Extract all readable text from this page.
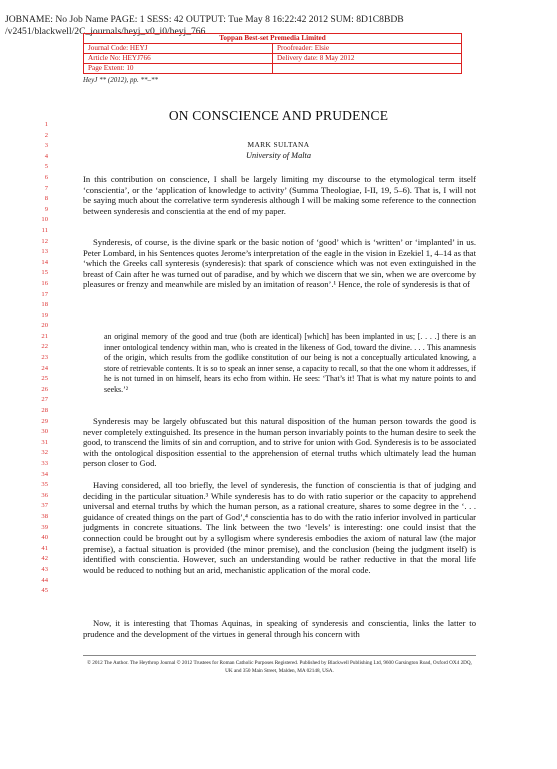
JOBNAME: No Job Name PAGE: 1 SESS: 42 OUTPUT: Tue May 8 16:22:42 2012 SUM: 8D1C8BDB
/v2451/blackwell/2C_journals/heyj_v0_i0/heyj_766
Toppan Best-set Premedia Limited
Journal Code: HEYJ	Proofreader: Elsie
Article No: HEYJ766	Delivery date: 8 May 2012
Page Extent: 10
HeyJ ** (2012), pp. **–**
1
2
3
4
5
6
7
8
9
10
11
12
13
14
15
16
17
18
19
20
21
22
23
24
25
26
27
28
29
30
31
32
33
34
35
36
37
38
39
40
41
42
43
44
45
ON CONSCIENCE AND PRUDENCE
MARK SULTANA
University of Malta
In this contribution on conscience, I shall be largely limiting my discourse to the etymological term itself ‘conscientia’, or the ‘application of knowledge to activity’ (Summa Theologiae, I-II, 19, 5–6). That is, I will not be saying much about the correlative term synderesis although I will be making some reference to the connection between synderesis and conscientia at the end of my paper.
Synderesis, of course, is the divine spark or the basic notion of ‘good’ which is ‘written’ or ‘implanted’ in us. Peter Lombard, in his Sentences quotes Jerome’s interpretation of the eagle in the vision in Ezekiel 1, 4–14 as that ‘which the Greeks call synteresis (synderesis): that spark of conscience which was not even extinguished in the breast of Cain after he was turned out of paradise, and by which we discern that we sin, when we are overcome by pleasures or frenzy and meanwhile are misled by an imitation of reason’.¹ Hence, the role of synderesis is that of
an original memory of the good and true (both are identical) [which] has been implanted in us; [. . . .] there is an inner ontological tendency within man, who is created in the likeness of God, toward the divine. . . . This anamnesis of the origin, which results from the godlike constitution of our being is not a conceptually articulated knowing, a store of retrievable contents. It is so to speak an inner sense, a capacity to recall, so that the one whom it addresses, if he is not turned in on himself, hears its echo from within. He sees: ‘That’s it! That is what my nature points to and seeks.’²
Synderesis may be largely obfuscated but this natural disposition of the human person towards the good is never completely extinguished. Its presence in the human person invariably points to the human desire to seek the good, to transcend the limits of sin and corruption, and to strive for union with God. Synderesis is to be associated with the ontological disposition essential to the apprehension of eternal truths which ultimately lead the human person closer to God.
Having considered, all too briefly, the level of synderesis, the function of conscientia is that of judging and deciding in the particular situation.³ While synderesis has to do with ratio superior or the capacity to apprehend universal and eternal truths by which the human person, as a rational creature, shares to some degree in the ‘. . . guidance of created things on the part of God’,⁴ conscientia has to do with the ratio inferior involved in particular judgments in concrete situations. The link between the two ‘levels’ is interesting: one could insist that the connection could be brought out by a syllogism where synderesis embodies the axiom of natural law (the major premise), a factual situation is provided (the minor premise), and the conclusion (being the judgment itself) is identified with conscientia. However, such an understanding would be rather reductive in that the moral life would be reduced to nothing but an arid, mechanistic application of the moral code.
Now, it is interesting that Thomas Aquinas, in speaking of synderesis and conscientia, links the latter to prudence and the development of the virtues in general through his concern with
© 2012 The Author. The Heythrop Journal © 2012 Trustees for Roman Catholic Purposes Registered. Published by Blackwell Publishing Ltd, 9600 Garsington Road, Oxford OX4 2DQ, UK and 350 Main Street, Malden, MA 02148, USA.
